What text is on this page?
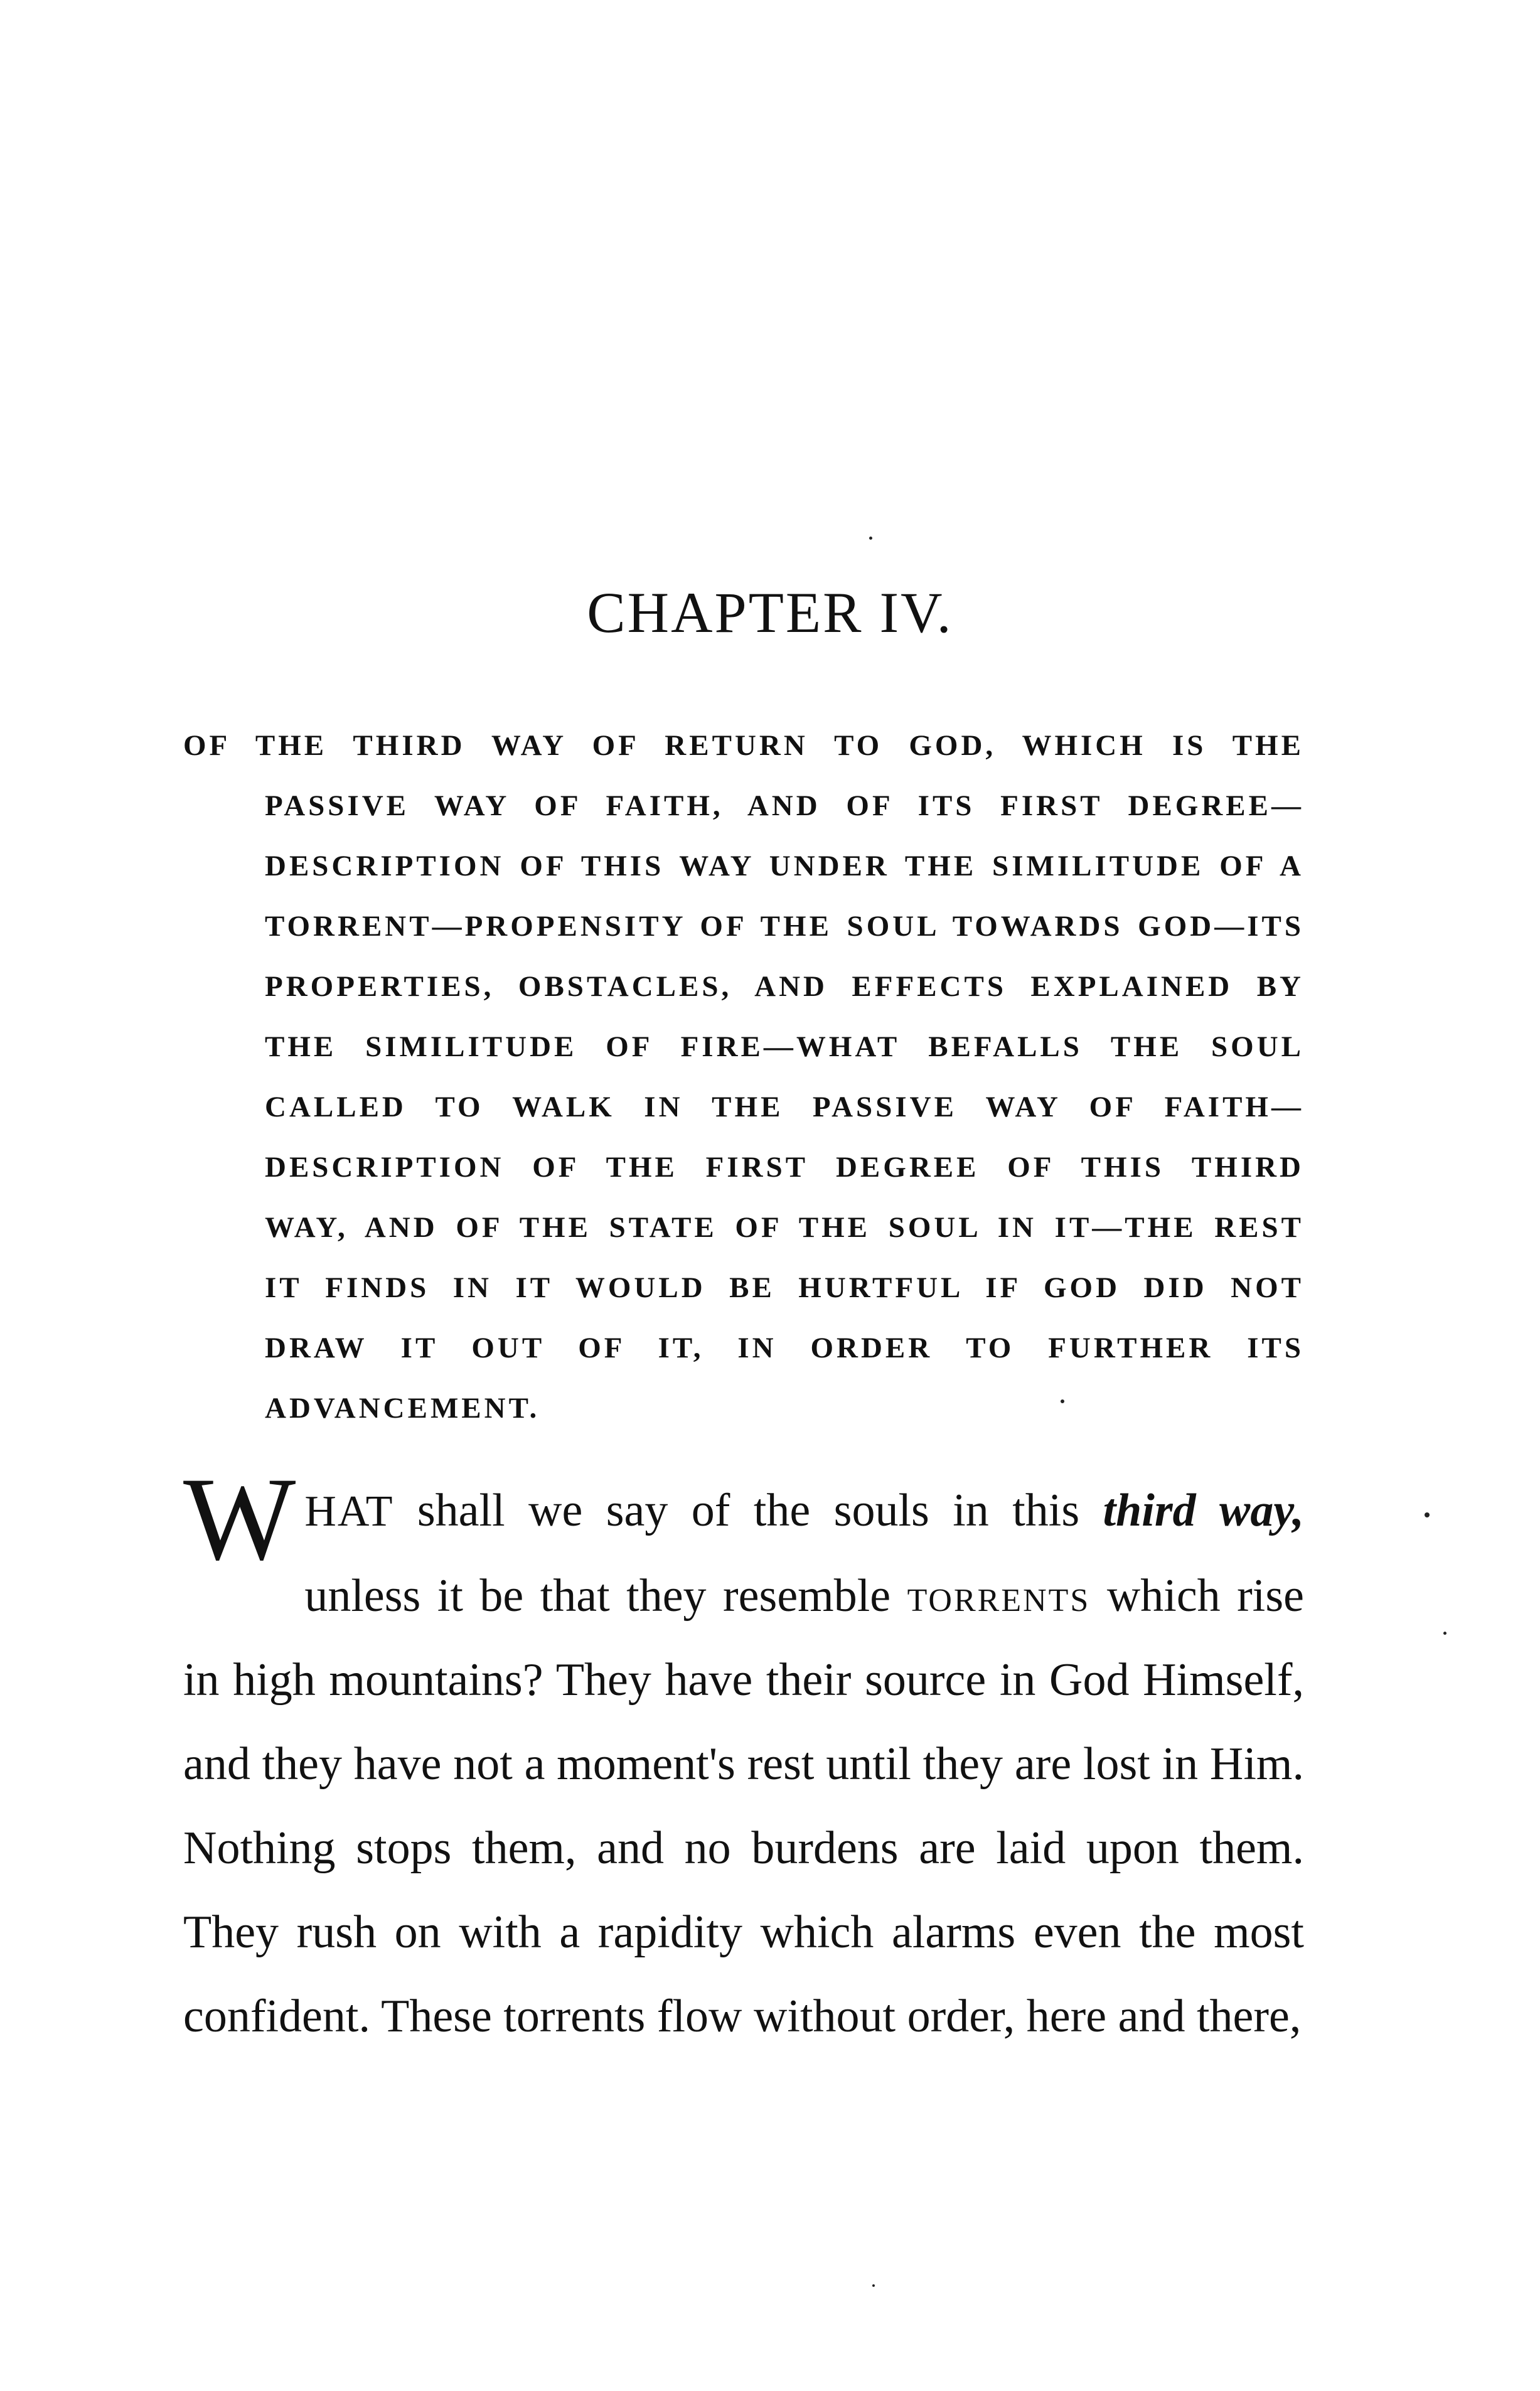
CHAPTER IV.
OF THE THIRD WAY OF RETURN TO GOD, WHICH IS THE PASSIVE WAY OF FAITH, AND OF ITS FIRST DEGREE—DESCRIPTION OF THIS WAY UNDER THE SIMILITUDE OF A TORRENT—PROPENSITY OF THE SOUL TOWARDS GOD—ITS PROPERTIES, OBSTACLES, AND EFFECTS EXPLAINED BY THE SIMILITUDE OF FIRE—WHAT BEFALLS THE SOUL CALLED TO WALK IN THE PASSIVE WAY OF FAITH—DESCRIPTION OF THE FIRST DEGREE OF THIS THIRD WAY, AND OF THE STATE OF THE SOUL IN IT—THE REST IT FINDS IN IT WOULD BE HURTFUL IF GOD DID NOT DRAW IT OUT OF IT, IN ORDER TO FURTHER ITS ADVANCEMENT.

WHAT shall we say of the souls in this third way, unless it be that they resemble torrents which rise in high mountains? They have their source in God Himself, and they have not a moment's rest until they are lost in Him. Nothing stops them, and no burdens are laid upon them. They rush on with a rapidity which alarms even the most confident. These torrents flow without order, here and there,
